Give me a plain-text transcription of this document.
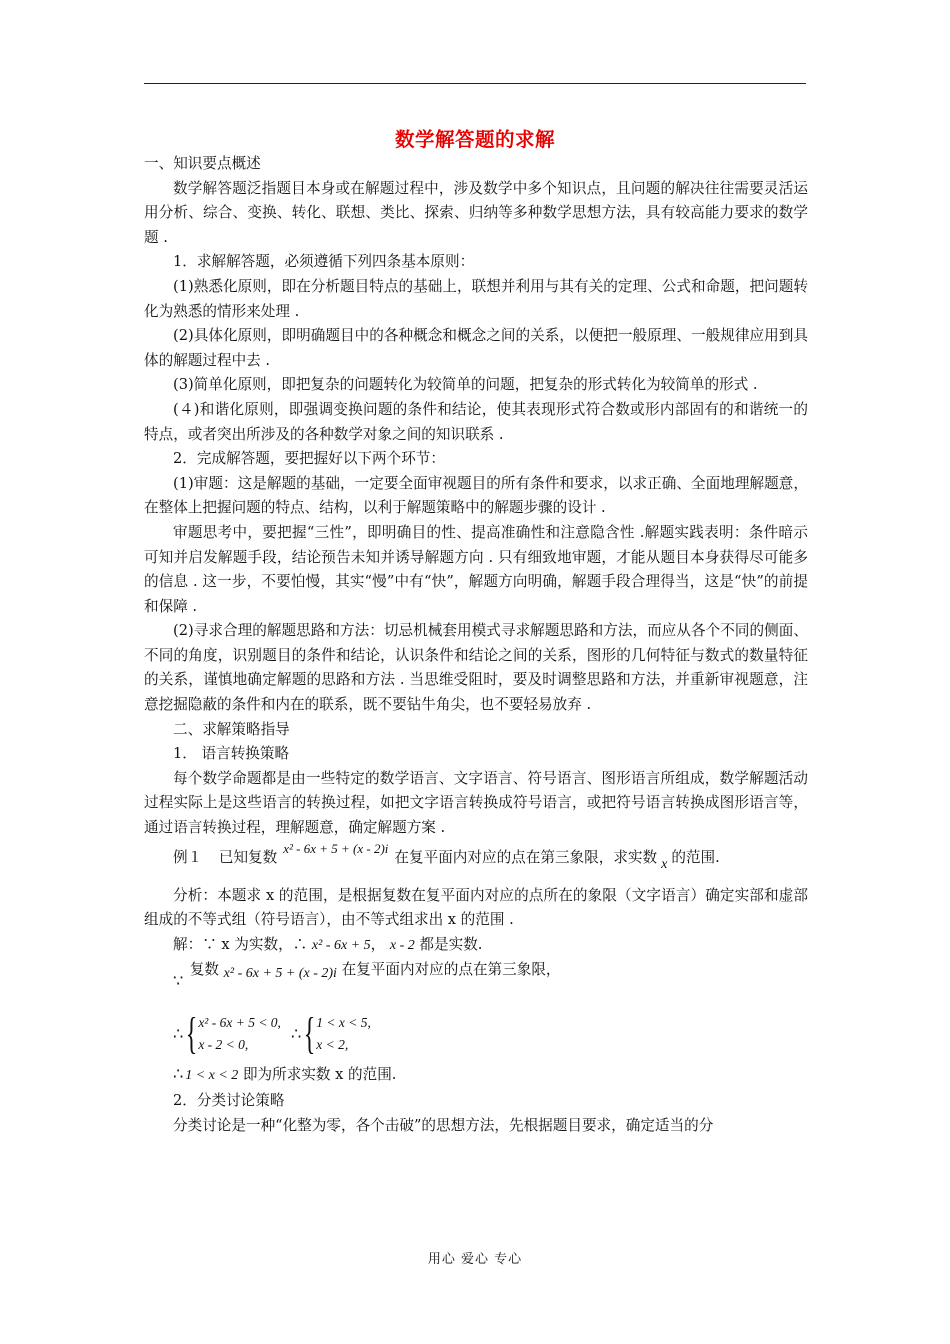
数学解答题的求解

一、知识要点概述

数学解答题泛指题目本身或在解题过程中，涉及数学中多个知识点，且问题的解决往往需要灵活运用分析、综合、变换、转化、联想、类比、探索、归纳等多种数学思想方法，具有较高能力要求的数学题 .

1．求解解答题，必须遵循下列四条基本原则：

(1)熟悉化原则，即在分析题目特点的基础上，联想并利用与其有关的定理、公式和命题，把问题转化为熟悉的情形来处理 .

(2)具体化原则，即明确题目中的各种概念和概念之间的关系，以便把一般原理、一般规律应用到具体的解题过程中去 .

(3)简单化原则，即把复杂的问题转化为较简单的问题，把复杂的形式转化为较简单的形式 .

(４)和谐化原则，即强调变换问题的条件和结论，使其表现形式符合数或形内部固有的和谐统一的特点，或者突出所涉及的各种数学对象之间的知识联系 .

2．完成解答题，要把握好以下两个环节：

(1)审题：这是解题的基础，一定要全面审视题目的所有条件和要求，以求正确、全面地理解题意，在整体上把握问题的特点、结构，以利于解题策略中的解题步骤的设计 .

审题思考中，要把握“三性”，即明确目的性、提高准确性和注意隐含性 .解题实践表明：条件暗示可知并启发解题手段，结论预告未知并诱导解题方向 . 只有细致地审题，才能从题目本身获得尽可能多的信息 . 这一步，不要怕慢，其实“慢”中有“快”，解题方向明确，解题手段合理得当，这是“快”的前提和保障 .

(2)寻求合理的解题思路和方法：切忌机械套用模式寻求解题思路和方法，而应从各个不同的侧面、不同的角度，识别题目的条件和结论，认识条件和结论之间的关系，图形的几何特征与数式的数量特征的关系，谨慎地确定解题的思路和方法 . 当思维受阻时，要及时调整思路和方法，并重新审视题意，注意挖掘隐蔽的条件和内在的联系，既不要钻牛角尖，也不要轻易放弃 .

二、求解策略指导

1． 语言转换策略

每个数学命题都是由一些特定的数学语言、文字语言、符号语言、图形语言所组成，数学解题活动过程实际上是这些语言的转换过程，如把文字语言转换成符号语言，或把符号语言转换成图形语言等，通过语言转换过程，理解题意，确定解题方案 .

例１ 已知复数x² - 6x + 5 + (x - 2)i在复平面内对应的点在第三象限，求实数 x 的范围.

分析：本题求 x 的范围，是根据复数在复平面内对应的点所在的象限（文字语言）确定实部和虚部组成的不等式组（符号语言），由不等式组求出 x 的范围 .

解：∵ x 为实数，∴ x² - 6x + 5， x - 2 都是实数.

∵ 复数 x² - 6x + 5 + (x - 2)i 在复平面内对应的点在第三象限，

∴ { x² - 6x + 5 < 0,
x - 2 < 0,
∴ { 1 < x < 5,
x < 2,

∴ 1 < x < 2 即为所求实数 x 的范围.

2．分类讨论策略

分类讨论是一种“化整为零，各个击破”的思想方法，先根据题目要求，确定适当的分

用心 爱心 专心
